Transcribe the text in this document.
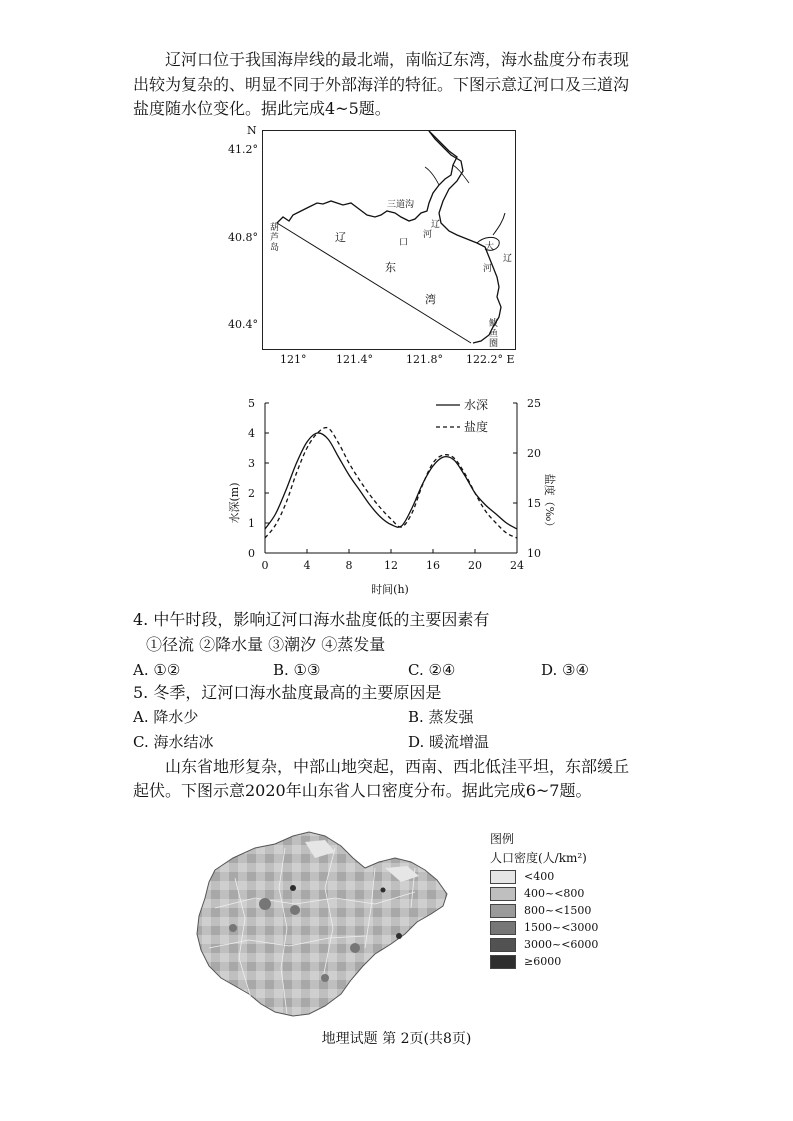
辽河口位于我国海岸线的最北端，南临辽东湾，海水盐度分布表现
出较为复杂的、明显不同于外部海洋的特征。下图示意辽河口及三道沟
盐度随水位变化。据此完成4~5题。
N
41.2°
40.8°
40.4°
葫
芦
岛
三道沟
辽
河
口
辽
东
湾
大
辽
河
鲅
鱼
圈
121°	121.4°	121.8° 122.2° E
0	4	8	12	16	20	24
0
1
2
3
4
5
10
15
20
25
水深(m)	盐度（‰）
时间(h)
水深
盐度
4. 中午时段，影响辽河口海水盐度低的主要因素有
①径流 ②降水量 ③潮汐 ④蒸发量
A. ①②	B. ①③	C. ②④	D. ③④
5. 冬季，辽河口海水盐度最高的主要原因是
A. 降水少	B. 蒸发强
C. 海水结冰	D. 暖流增温
山东省地形复杂，中部山地突起，西南、西北低洼平坦，东部缓丘
起伏。下图示意2020年山东省人口密度分布。据此完成6~7题。
图例
人口密度(人/km²)
<400
400~<800
800~<1500
1500~<3000
3000~<6000
≥6000
地理试题 第 2页(共8页)
